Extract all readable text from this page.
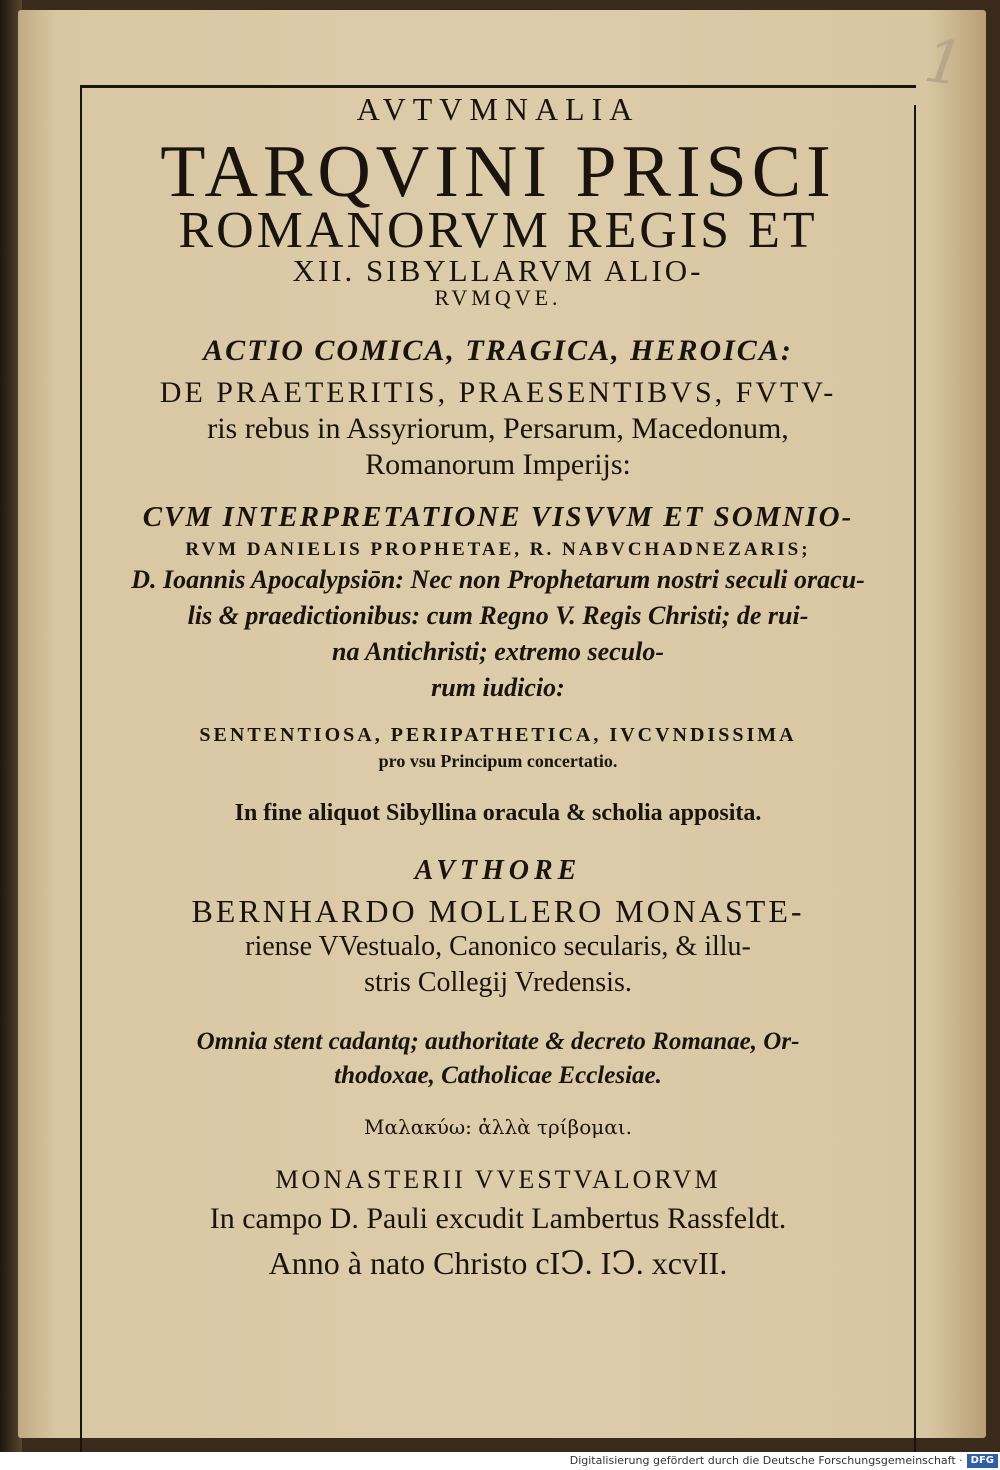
1
AVTVMNALIA
TARQVINI PRISCI
ROMANORVM REGIS ET
XII. SIBYLLARVM ALIO-
RVMQVE.
ACTIO COMICA, TRAGICA, HEROICA:
DE PRAETERITIS, PRAESENTIBVS, FVTV-
ris rebus in Assyriorum, Persarum, Macedonum,
Romanorum Imperijs:
CVM INTERPRETATIONE VISVVM ET SOMNIO-
RVM DANIELIS PROPHETAE, R. NABVCHADNEZARIS;
D. Ioannis Apocalypsiōn: Nec non Prophetarum nostri seculi oracu-
lis & praedictionibus: cum Regno V. Regis Christi; de rui-
na Antichristi; extremo seculo-
rum iudicio:
SENTENTIOSA, PERIPATHETICA, IVCVNDISSIMA
pro vsu Principum concertatio.
In fine aliquot Sibyllina oracula & scholia apposita.
AVTHORE
BERNHARDO MOLLERO MONASTE-
riense VVestualo, Canonico secularis, & illu-
stris Collegij Vredensis.
Omnia stent cadantq; authoritate & decreto Romanae, Or-
thodoxae, Catholicae Ecclesiae.
Μαλακύω: ἀλλὰ τρίβομαι.
MONASTERII VVESTVALORVM
In campo D. Pauli excudit Lambertus Rassfeldt.
Anno à nato Christo cIↃ. IↃ. xcvII.
Digitalisierung gefördert durch die Deutsche Forschungsgemeinschaft · DFG
